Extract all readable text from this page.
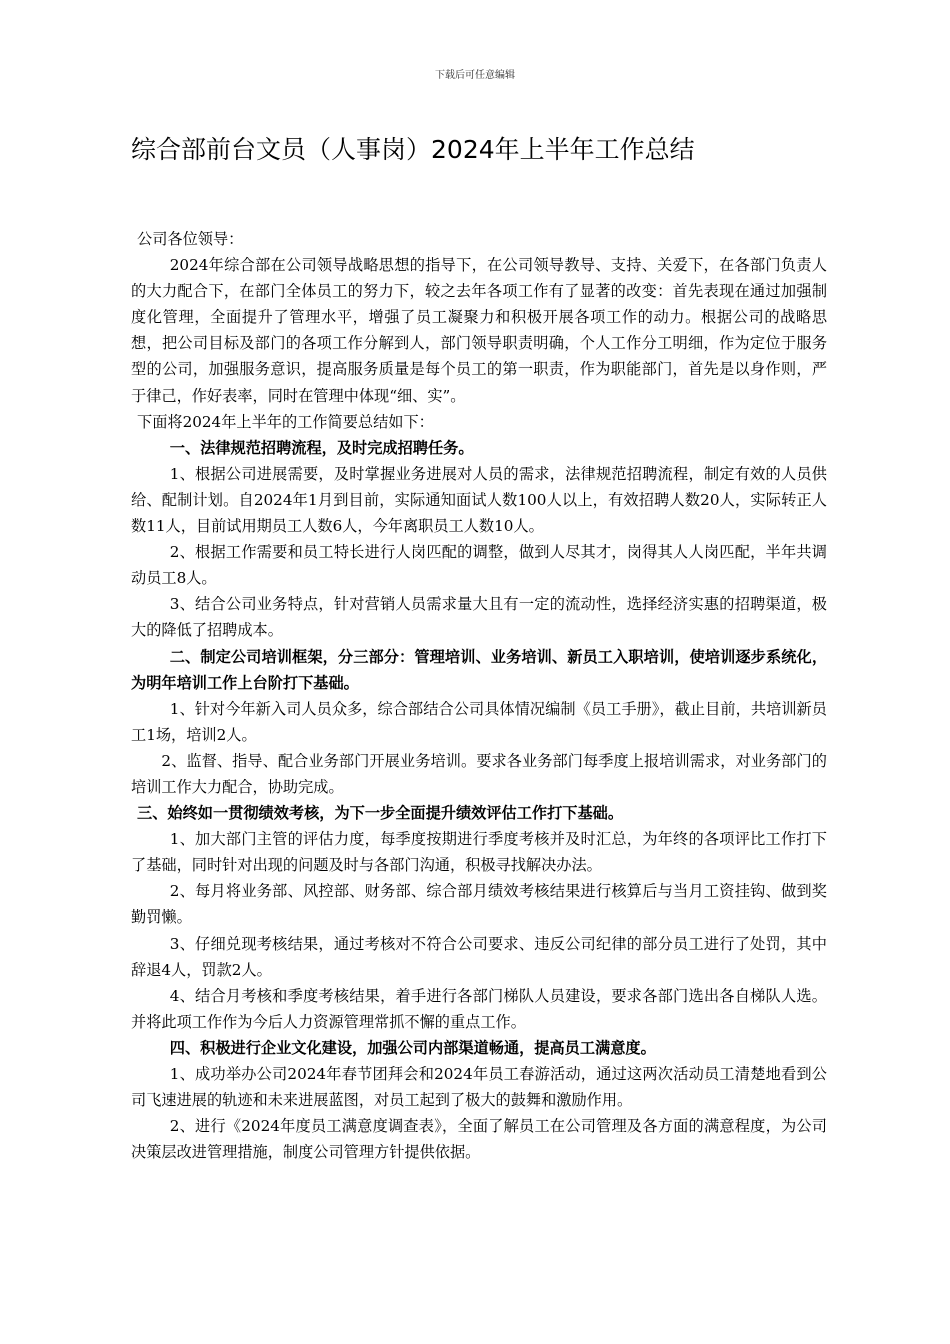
下载后可任意编辑
综合部前台文员（人事岗）2024年上半年工作总结

公司各位领导：

2024年综合部在公司领导战略思想的指导下，在公司领导教导、支持、关爱下，在各部门负责人的大力配合下，在部门全体员工的努力下，较之去年各项工作有了显著的改变：首先表现在通过加强制度化管理，全面提升了管理水平，增强了员工凝聚力和积极开展各项工作的动力。根据公司的战略思想，把公司目标及部门的各项工作分解到人，部门领导职责明确，个人工作分工明细，作为定位于服务型的公司，加强服务意识，提高服务质量是每个员工的第一职责，作为职能部门，首先是以身作则，严于律己，作好表率，同时在管理中体现“细、实”。

下面将2024年上半年的工作简要总结如下：

一、法律规范招聘流程，及时完成招聘任务。

1、根据公司进展需要，及时掌握业务进展对人员的需求，法律规范招聘流程，制定有效的人员供给、配制计划。自2024年1月到目前，实际通知面试人数100人以上，有效招聘人数20人，实际转正人数11人，目前试用期员工人数6人，今年离职员工人数10人。

2、根据工作需要和员工特长进行人岗匹配的调整，做到人尽其才，岗得其人人岗匹配，半年共调动员工8人。

3、结合公司业务特点，针对营销人员需求量大且有一定的流动性，选择经济实惠的招聘渠道，极大的降低了招聘成本。

二、制定公司培训框架，分三部分：管理培训、业务培训、新员工入职培训，使培训逐步系统化，为明年培训工作上台阶打下基础。

1、针对今年新入司人员众多，综合部结合公司具体情况编制《员工手册》，截止目前，共培训新员工1场，培训2人。

2、监督、指导、配合业务部门开展业务培训。要求各业务部门每季度上报培训需求，对业务部门的培训工作大力配合，协助完成。

三、始终如一贯彻绩效考核，为下一步全面提升绩效评估工作打下基础。

1、加大部门主管的评估力度，每季度按期进行季度考核并及时汇总，为年终的各项评比工作打下了基础，同时针对出现的问题及时与各部门沟通，积极寻找解决办法。

2、每月将业务部、风控部、财务部、综合部月绩效考核结果进行核算后与当月工资挂钩、做到奖勤罚懒。

3、仔细兑现考核结果，通过考核对不符合公司要求、违反公司纪律的部分员工进行了处罚，其中辞退4人，罚款2人。

4、结合月考核和季度考核结果，着手进行各部门梯队人员建设，要求各部门选出各自梯队人选。并将此项工作作为今后人力资源管理常抓不懈的重点工作。

四、积极进行企业文化建设，加强公司内部渠道畅通，提高员工满意度。

1、成功举办公司2024年春节团拜会和2024年员工春游活动，通过这两次活动员工清楚地看到公司飞速进展的轨迹和未来进展蓝图，对员工起到了极大的鼓舞和激励作用。

2、进行《2024年度员工满意度调查表》，全面了解员工在公司管理及各方面的满意程度，为公司决策层改进管理措施，制度公司管理方针提供依据。
